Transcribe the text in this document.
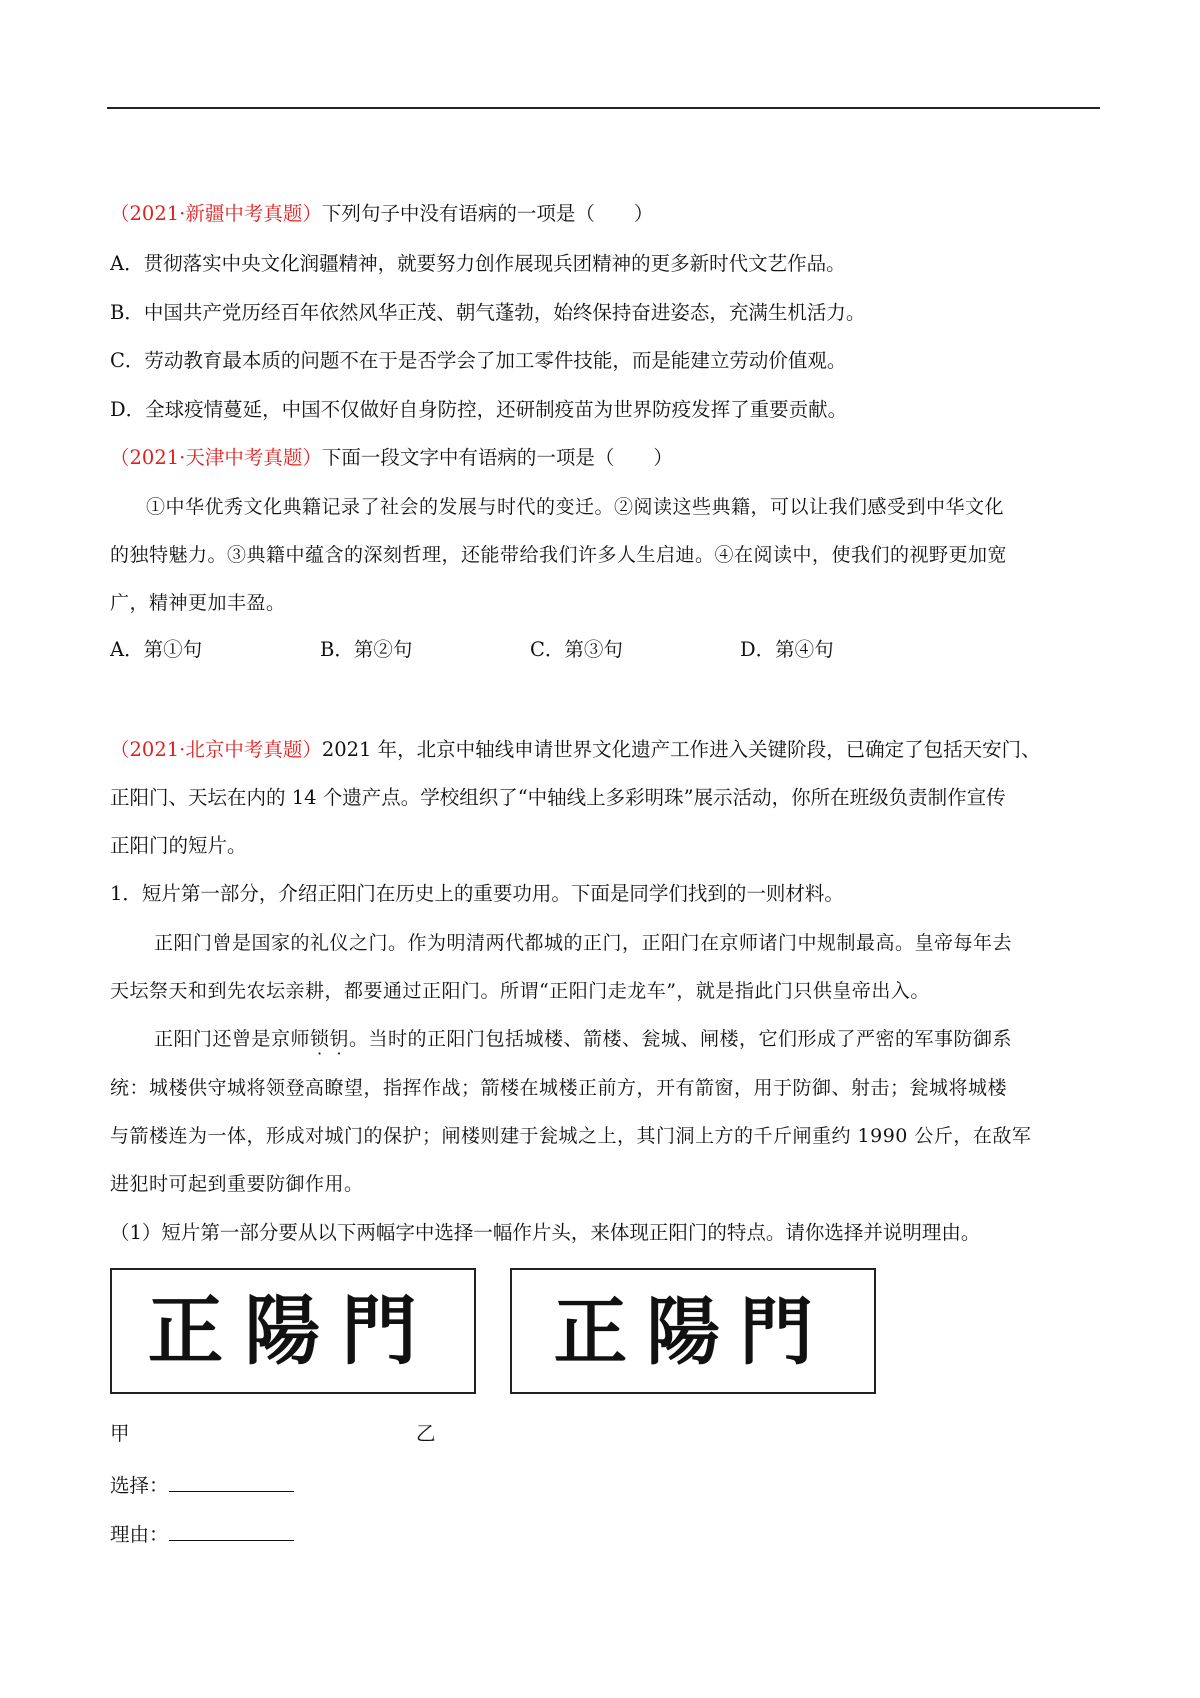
（2021·新疆中考真题）下列句子中没有语病的一项是（　　）
A．贯彻落实中央文化润疆精神，就要努力创作展现兵团精神的更多新时代文艺作品。
B．中国共产党历经百年依然风华正茂、朝气蓬勃，始终保持奋进姿态，充满生机活力。
C．劳动教育最本质的问题不在于是否学会了加工零件技能，而是能建立劳动价值观。
D．全球疫情蔓延，中国不仅做好自身防控，还研制疫苗为世界防疫发挥了重要贡献。
（2021·天津中考真题）下面一段文字中有语病的一项是（　　）
①中华优秀文化典籍记录了社会的发展与时代的变迁。②阅读这些典籍，可以让我们感受到中华文化
的独特魅力。③典籍中蕴含的深刻哲理，还能带给我们许多人生启迪。④在阅读中，使我们的视野更加宽
广，精神更加丰盈。
A．第①句	B．第②句	C．第③句	D．第④句
（2021·北京中考真题）2021 年，北京中轴线申请世界文化遗产工作进入关键阶段，已确定了包括天安门、
正阳门、天坛在内的 14 个遗产点。学校组织了“中轴线上多彩明珠”展示活动，你所在班级负责制作宣传
正阳门的短片。
1．短片第一部分，介绍正阳门在历史上的重要功用。下面是同学们找到的一则材料。
正阳门曾是国家的礼仪之门。作为明清两代都城的正门，正阳门在京师诸门中规制最高。皇帝每年去
天坛祭天和到先农坛亲耕，都要通过正阳门。所谓“正阳门走龙车”，就是指此门只供皇帝出入。
正阳门还曾是京师锁钥。当时的正阳门包括城楼、箭楼、瓮城、闸楼，它们形成了严密的军事防御系
统：城楼供守城将领登高瞭望，指挥作战；箭楼在城楼正前方，开有箭窗，用于防御、射击；瓮城将城楼
与箭楼连为一体，形成对城门的保护；闸楼则建于瓮城之上，其门洞上方的千斤闸重约 1990 公斤，在敌军
进犯时可起到重要防御作用。
（1）短片第一部分要从以下两幅字中选择一幅作片头，来体现正阳门的特点。请你选择并说明理由。
正陽門 正陽門
甲	乙
选择：
理由：
